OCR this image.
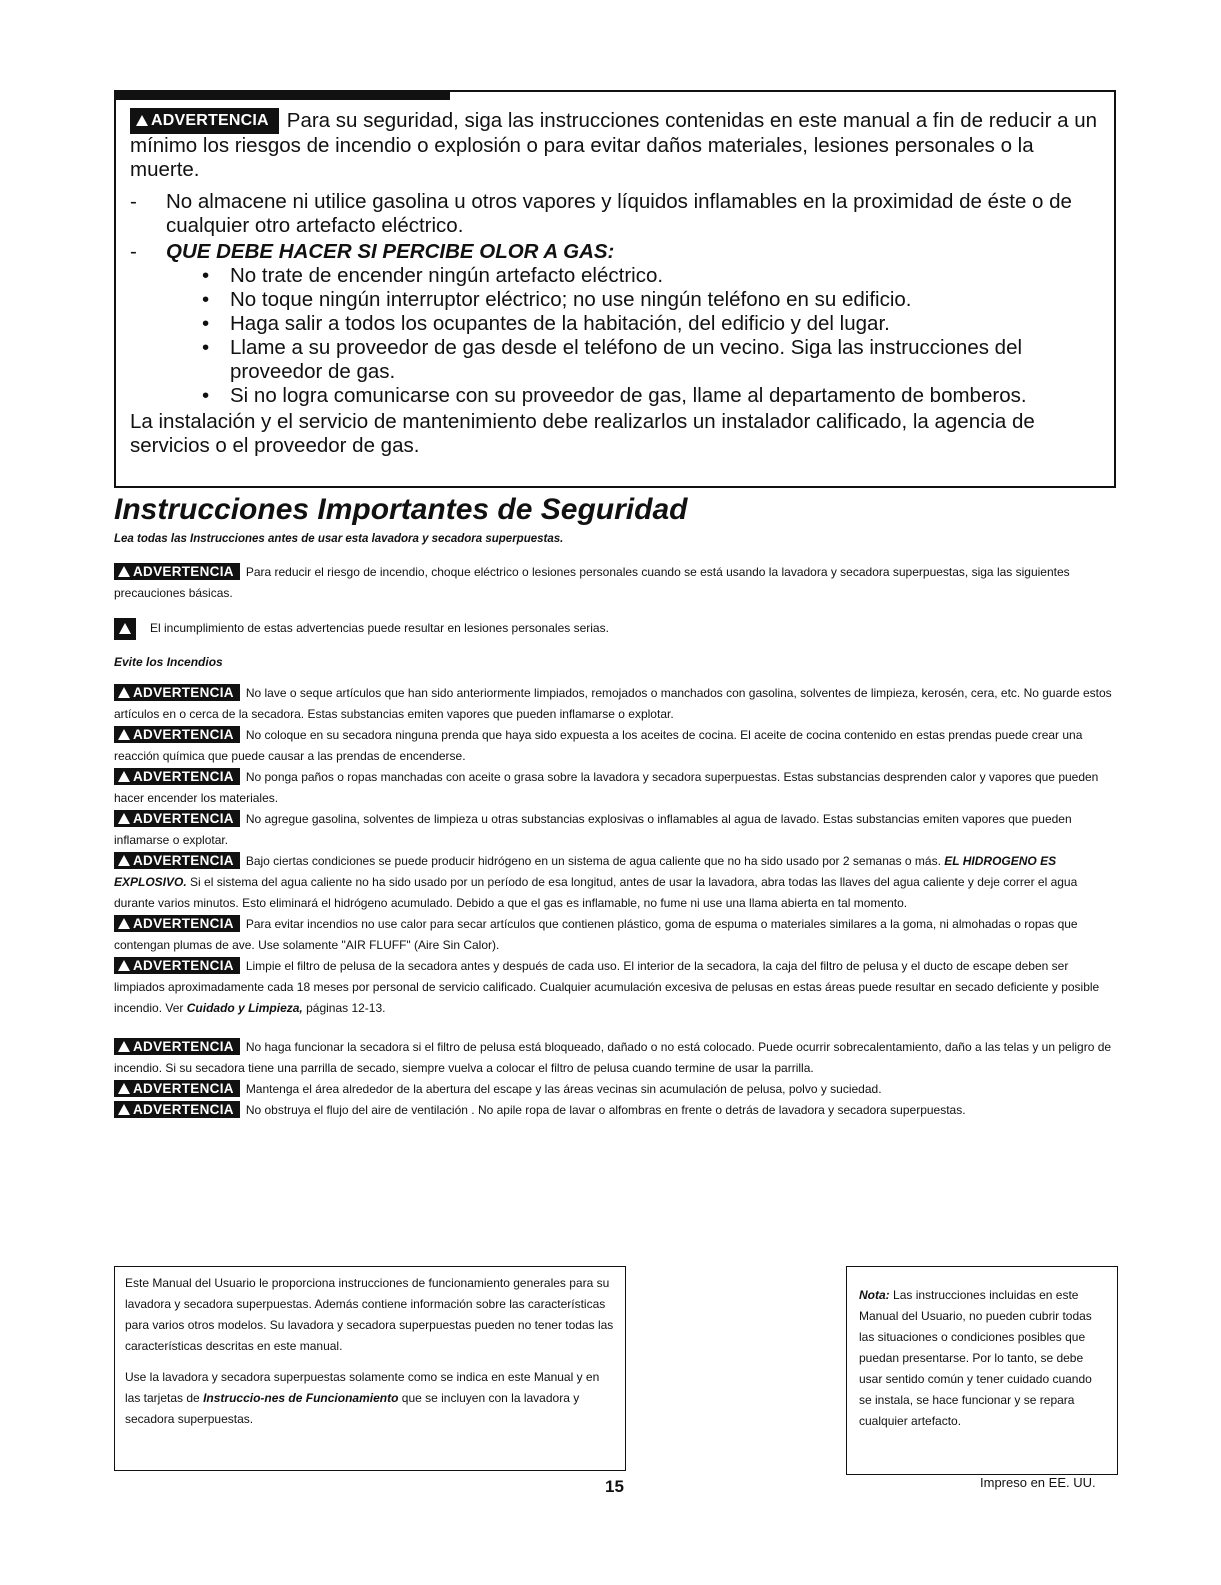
ADVERTENCIA Para su seguridad, siga las instrucciones contenidas en este manual a fin de reducir a un mínimo los riesgos de incendio o explosión o para evitar daños materiales, lesiones personales o la muerte.

- No almacene ni utilice gasolina u otros vapores y líquidos inflamables en la proximidad de éste o de cualquier otro artefacto eléctrico.
- QUE DEBE HACER SI PERCIBE OLOR A GAS:
• No trate de encender ningún artefacto eléctrico.
• No toque ningún interruptor eléctrico; no use ningún teléfono en su edificio.
• Haga salir a todos los ocupantes de la habitación, del edificio y del lugar.
• Llame a su proveedor de gas desde el teléfono de un vecino. Siga las instrucciones del proveedor de gas.
• Si no logra comunicarse con su proveedor de gas, llame al departamento de bomberos.

La instalación y el servicio de mantenimiento debe realizarlos un instalador calificado, la agencia de servicios o el proveedor de gas.

Instrucciones Importantes de Seguridad

Lea todas las Instrucciones antes de usar esta lavadora y secadora superpuestas.

ADVERTENCIA Para reducir el riesgo de incendio, choque eléctrico o lesiones personales cuando se está usando la lavadora y secadora superpuestas, siga las siguientes precauciones básicas.

El incumplimiento de estas advertencias puede resultar en lesiones personales serias.

Evite los Incendios

ADVERTENCIA No lave o seque artículos que han sido anteriormente limpiados, remojados o manchados con gasolina, solventes de limpieza, kerosén, cera, etc. No guarde estos artículos en o cerca de la secadora. Estas substancias emiten vapores que pueden inflamarse o explotar.

ADVERTENCIA No coloque en su secadora ninguna prenda que haya sido expuesta a los aceites de cocina. El aceite de cocina contenido en estas prendas puede crear una reacción química que puede causar a las prendas de encenderse.

ADVERTENCIA No ponga paños o ropas manchadas con aceite o grasa sobre la lavadora y secadora superpuestas. Estas substancias desprenden calor y vapores que pueden hacer encender los materiales.

ADVERTENCIA No agregue gasolina, solventes de limpieza u otras substancias explosivas o inflamables al agua de lavado. Estas substancias emiten vapores que pueden inflamarse o explotar.

ADVERTENCIA Bajo ciertas condiciones se puede producir hidrógeno en un sistema de agua caliente que no ha sido usado por 2 semanas o más. EL HIDROGENO ES EXPLOSIVO. Si el sistema del agua caliente no ha sido usado por un período de esa longitud, antes de usar la lavadora, abra todas las llaves del agua caliente y deje correr el agua durante varios minutos. Esto eliminará el hidrógeno acumulado. Debido a que el gas es inflamable, no fume ni use una llama abierta en tal momento.

ADVERTENCIA Para evitar incendios no use calor para secar artículos que contienen plástico, goma de espuma o materiales similares a la goma, ni almohadas o ropas que contengan plumas de ave. Use solamente "AIR FLUFF" (Aire Sin Calor).

ADVERTENCIA Limpie el filtro de pelusa de la secadora antes y después de cada uso. El interior de la secadora, la caja del filtro de pelusa y el ducto de escape deben ser limpiados aproximadamente cada 18 meses por personal de servicio calificado. Cualquier acumulación excesiva de pelusas en estas áreas puede resultar en secado deficiente y posible incendio. Ver Cuidado y Limpieza, páginas 12-13.

ADVERTENCIA No haga funcionar la secadora si el filtro de pelusa está bloqueado, dañado o no está colocado. Puede ocurrir sobrecalentamiento, daño a las telas y un peligro de incendio. Si su secadora tiene una parrilla de secado, siempre vuelva a colocar el filtro de pelusa cuando termine de usar la parrilla.

ADVERTENCIA Mantenga el área alrededor de la abertura del escape y las áreas vecinas sin acumulación de pelusa, polvo y suciedad.

ADVERTENCIA No obstruya el flujo del aire de ventilación . No apile ropa de lavar o alfombras en frente o detrás de lavadora y secadora superpuestas.

Este Manual del Usuario le proporciona instrucciones de funcionamiento generales para su lavadora y secadora superpuestas. Además contiene información sobre las características para varios otros modelos. Su lavadora y secadora superpuestas pueden no tener todas las características descritas en este manual.

Use la lavadora y secadora superpuestas solamente como se indica en este Manual y en las tarjetas de Instruccio-nes de Funcionamiento que se incluyen con la lavadora y secadora superpuestas.

Nota: Las instrucciones incluidas en este Manual del Usuario, no pueden cubrir todas las situaciones o condiciones posibles que puedan presentarse. Por lo tanto, se debe usar sentido común y tener cuidado cuando se instala, se hace funcionar y se repara cualquier artefacto.

15	Impreso en EE. UU.
